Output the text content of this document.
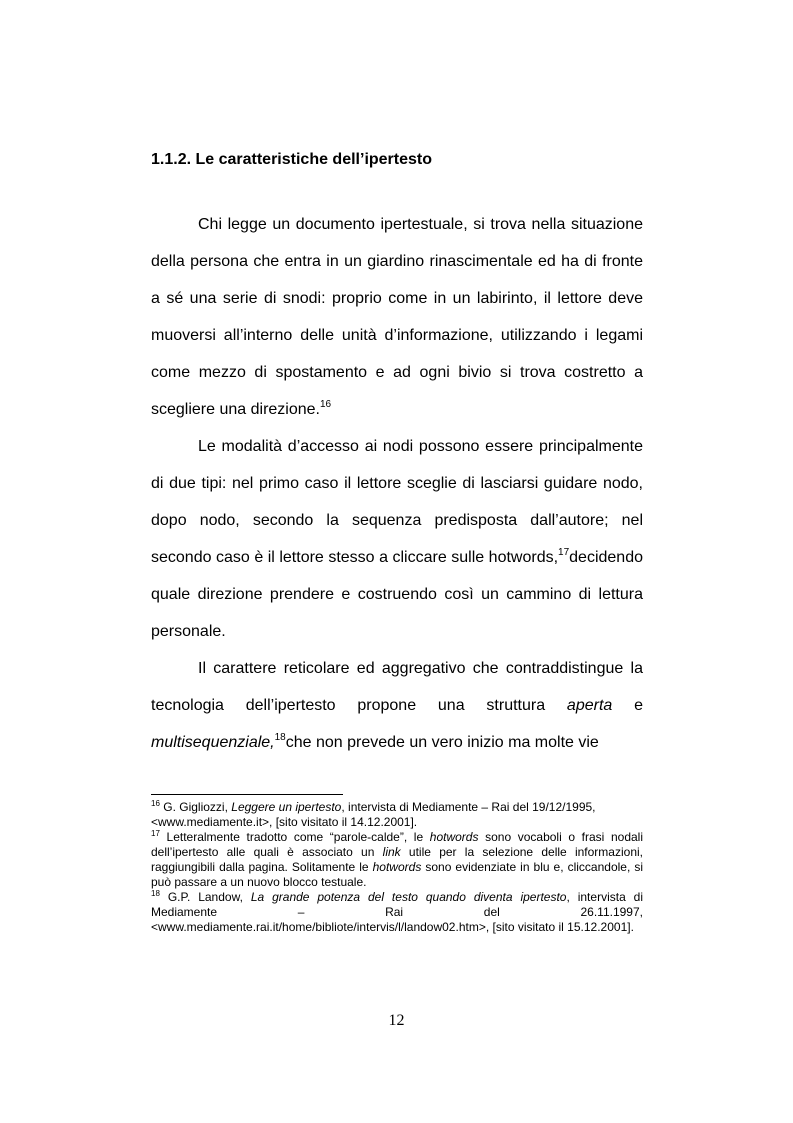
1.1.2. Le caratteristiche dell’ipertesto

Chi legge un documento ipertestuale, si trova nella situazione della persona che entra in un giardino rinascimentale ed ha di fronte a sé una serie di snodi: proprio come in un labirinto, il lettore deve muoversi all’interno delle unità d’informazione, utilizzando i legami come mezzo di spostamento e ad ogni bivio si trova costretto a scegliere una direzione.$^{16}$

Le modalità d’accesso ai nodi possono essere principalmente di due tipi: nel primo caso il lettore sceglie di lasciarsi guidare nodo, dopo nodo, secondo la sequenza predisposta dall’autore; nel secondo caso è il lettore stesso a cliccare sulle hotwords,$^{17}$decidendo quale direzione prendere e costruendo così un cammino di lettura personale.

Il carattere reticolare ed aggregativo che contraddistingue la tecnologia dell’ipertesto propone una struttura aperta e multisequenziale,$^{18}$che non prevede un vero inizio ma molte vie

$^{16}$ G. Gigliozzi, Leggere un ipertesto, intervista di Mediamente – Rai del 19/12/1995,
<www.mediamente.it>, [sito visitato il 14.12.2001].
$^{17}$ Letteralmente tradotto come “parole-calde”, le hotwords sono vocaboli o frasi nodali dell’ipertesto alle quali è associato un link utile per la selezione delle informazioni, raggiungibili dalla pagina. Solitamente le hotwords sono evidenziate in blu e, cliccandole, si può passare a un nuovo blocco testuale.
$^{18}$ G.P. Landow, La grande potenza del testo quando diventa ipertesto, intervista di Mediamente – Rai del 26.11.1997, <www.mediamente.rai.it/home/bibliote/intervis/l/landow02.htm>, [sito visitato il 15.12.2001].
12
